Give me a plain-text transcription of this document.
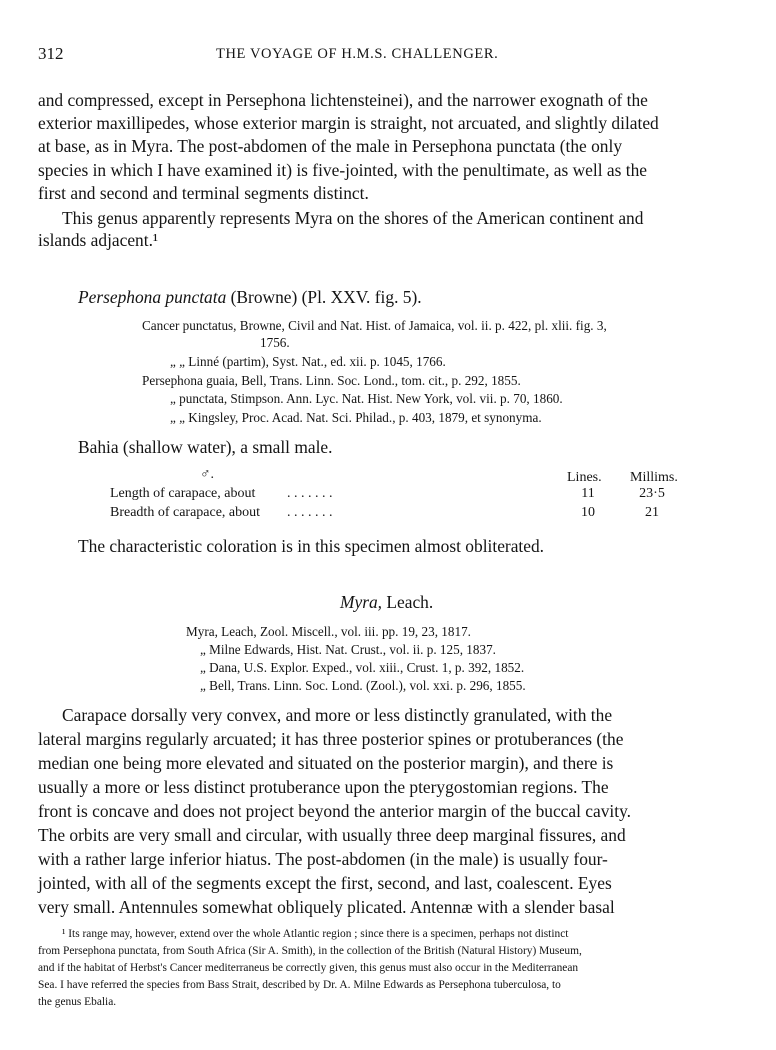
312	THE VOYAGE OF H.M.S. CHALLENGER.
and compressed, except in Persephona lichtensteinei), and the narrower exognath of the
exterior maxillipedes, whose exterior margin is straight, not arcuated, and slightly dilated
at base, as in Myra. The post-abdomen of the male in Persephona punctata (the only
species in which I have examined it) is five-jointed, with the penultimate, as well as the
first and second and terminal segments distinct.
This genus apparently represents Myra on the shores of the American continent and
islands adjacent.¹
Persephona punctata (Browne) (Pl. XXV. fig. 5).
Cancer punctatus, Browne, Civil and Nat. Hist. of Jamaica, vol. ii. p. 422, pl. xlii. fig. 3,
1756.
„ „ Linné (partim), Syst. Nat., ed. xii. p. 1045, 1766.
Persephona guaia, Bell, Trans. Linn. Soc. Lond., tom. cit., p. 292, 1855.
„ punctata, Stimpson. Ann. Lyc. Nat. Hist. New York, vol. vii. p. 70, 1860.
„ „ Kingsley, Proc. Acad. Nat. Sci. Philad., p. 403, 1879, et synonyma.
Bahia (shallow water), a small male.
♂.	Lines. Millims.
Length of carapace, about . . . . . . .	11	23·5
Breadth of carapace, about . . . . . . .	10	21
The characteristic coloration is in this specimen almost obliterated.
Myra, Leach.
Myra, Leach, Zool. Miscell., vol. iii. pp. 19, 23, 1817.
„ Milne Edwards, Hist. Nat. Crust., vol. ii. p. 125, 1837.
„ Dana, U.S. Explor. Exped., vol. xiii., Crust. 1, p. 392, 1852.
„ Bell, Trans. Linn. Soc. Lond. (Zool.), vol. xxi. p. 296, 1855.
Carapace dorsally very convex, and more or less distinctly granulated, with the
lateral margins regularly arcuated; it has three posterior spines or protuberances (the
median one being more elevated and situated on the posterior margin), and there is
usually a more or less distinct protuberance upon the pterygostomian regions. The
front is concave and does not project beyond the anterior margin of the buccal cavity.
The orbits are very small and circular, with usually three deep marginal fissures, and
with a rather large inferior hiatus. The post-abdomen (in the male) is usually four-
jointed, with all of the segments except the first, second, and last, coalescent. Eyes
very small. Antennules somewhat obliquely plicated. Antennæ with a slender basal
¹ Its range may, however, extend over the whole Atlantic region ; since there is a specimen, perhaps not distinct
from Persephona punctata, from South Africa (Sir A. Smith), in the collection of the British (Natural History) Museum,
and if the habitat of Herbst's Cancer mediterraneus be correctly given, this genus must also occur in the Mediterranean
Sea. I have referred the species from Bass Strait, described by Dr. A. Milne Edwards as Persephona tuberculosa, to
the genus Ebalia.
